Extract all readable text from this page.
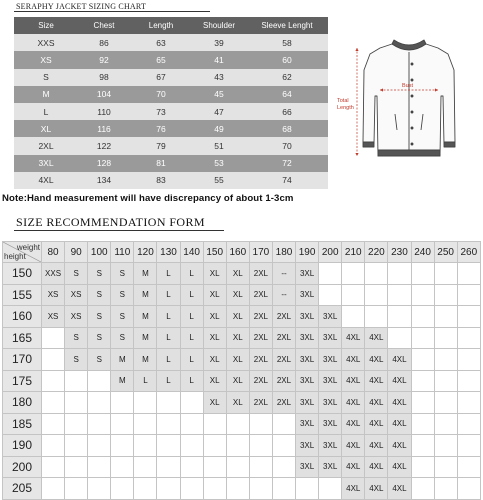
SERAPHY JACKET SIZING CHART
Size	Chest	Length	Shoulder	Sleeve Lenght
XXS	86	63	39	58
XS	92	65	41	60
S	98	67	43	62
M	104	70	45	64
L	110	73	47	66
XL	116	76	49	68
2XL	122	79	51	70
3XL	128	81	53	72
4XL	134	83	55	74
Bust
Total
Length
Note:Hand measurement will have discrepancy of about 1-3cm
SIZE RECOMMENDATION FORM
weight
height	80	90	100	110	120	130	140	150	160	170	180	190	200	210	220	230	240	250	260
150	XXS	S	S	S	M	L	L	XL	XL	2XL	--	3XL							
155	XS	XS	S	S	M	L	L	XL	XL	2XL	--	3XL							
160	XS	XS	S	S	M	L	L	XL	XL	2XL	2XL	3XL	3XL						
165		S	S	S	M	L	L	XL	XL	2XL	2XL	3XL	3XL	4XL	4XL				
170		S	S	M	M	L	L	XL	XL	2XL	2XL	3XL	3XL	4XL	4XL	4XL			
175				M	L	L	L	XL	XL	2XL	2XL	3XL	3XL	4XL	4XL	4XL			
180								XL	XL	2XL	2XL	3XL	3XL	4XL	4XL	4XL			
185												3XL	3XL	4XL	4XL	4XL			
190												3XL	3XL	4XL	4XL	4XL			
200												3XL	3XL	4XL	4XL	4XL			
205														4XL	4XL	4XL			
